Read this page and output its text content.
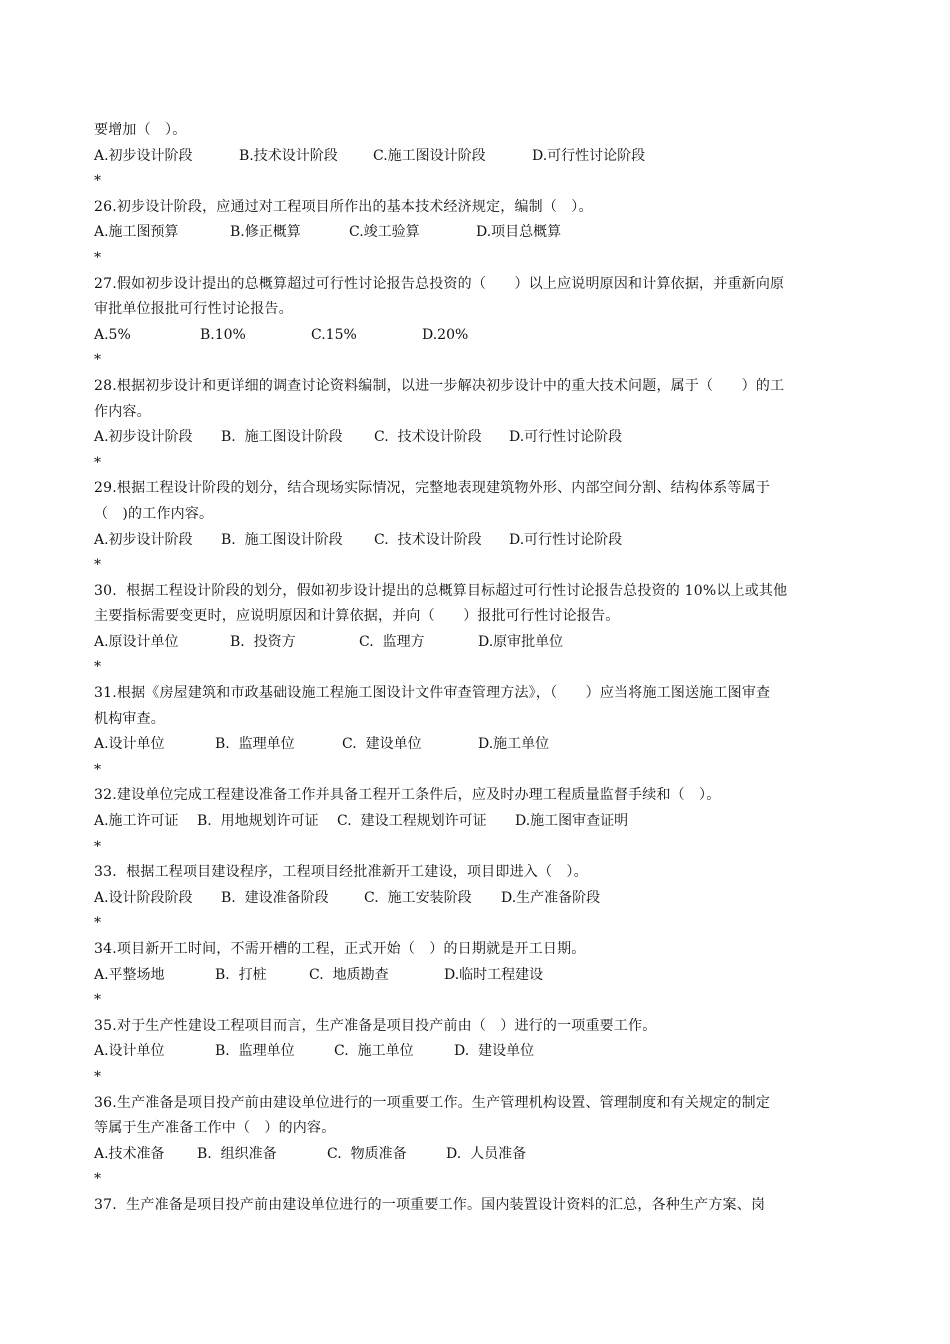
要增加（　）。
A.初步设计阶段	B.技术设计阶段	C.施工图设计阶段	D.可行性讨论阶段
*
26.初步设计阶段，应通过对工程项目所作出的基本技术经济规定，编制（　）。
A.施工图预算	B.修正概算	C.竣工验算	D.项目总概算
*
27.假如初步设计提出的总概算超过可行性讨论报告总投资的（　　）以上应说明原因和计算依据，并重新向原
审批单位报批可行性讨论报告。
A.5%	B.10%	C.15%	D.20%
*
28.根据初步设计和更详细的调查讨论资料编制，以进一步解决初步设计中的重大技术问题，属于（　　）的工
作内容。
A.初步设计阶段 B.  施工图设计阶段 C.  技术设计阶段 D.可行性讨论阶段
*
29.根据工程设计阶段的划分，结合现场实际情况，完整地表现建筑物外形、内部空间分割、结构体系等属于
（　)的工作内容。
A.初步设计阶段 B.  施工图设计阶段 C.  技术设计阶段 D.可行性讨论阶段
*
30.  根据工程设计阶段的划分，假如初步设计提出的总概算目标超过可行性讨论报告总投资的 10%以上或其他
主要指标需要变更时，应说明原因和计算依据，并向（　　）报批可行性讨论报告。
A.原设计单位	B.  投资方	C.  监理方	D.原审批单位
*
31.根据《房屋建筑和市政基础设施工程施工图设计文件审查管理方法》，（　　）应当将施工图送施工图审查
机构审查。
A.设计单位	B.  监理单位	C.  建设单位	D.施工单位
*
32.建设单位完成工程建设准备工作并具备工程开工条件后，应及时办理工程质量监督手续和（　）。
A.施工许可证 B.  用地规划许可证 C.  建设工程规划许可证 D.施工图审查证明
*
33.  根据工程项目建设程序，工程项目经批准新开工建设，项目即进入（　）。
A.设计阶段阶段 B.  建设准备阶段	C.  施工安装阶段 D.生产准备阶段
*
34.项目新开工时间，不需开槽的工程，正式开始（　）的日期就是开工日期。
A.平整场地	B.  打桩	C.  地质勘查	D.临时工程建设
*
35.对于生产性建设工程项目而言，生产准备是项目投产前由（　）进行的一项重要工作。
A.设计单位	B.  监理单位	C.  施工单位	D.  建设单位
*
36.生产准备是项目投产前由建设单位进行的一项重要工作。生产管理机构设置、管理制度和有关规定的制定
等属于生产准备工作中（　）的内容。
A.技术准备 B.  组织准备	C.  物质准备	D.  人员准备
*
37.  生产准备是项目投产前由建设单位进行的一项重要工作。国内装置设计资料的汇总，各种生产方案、岗
